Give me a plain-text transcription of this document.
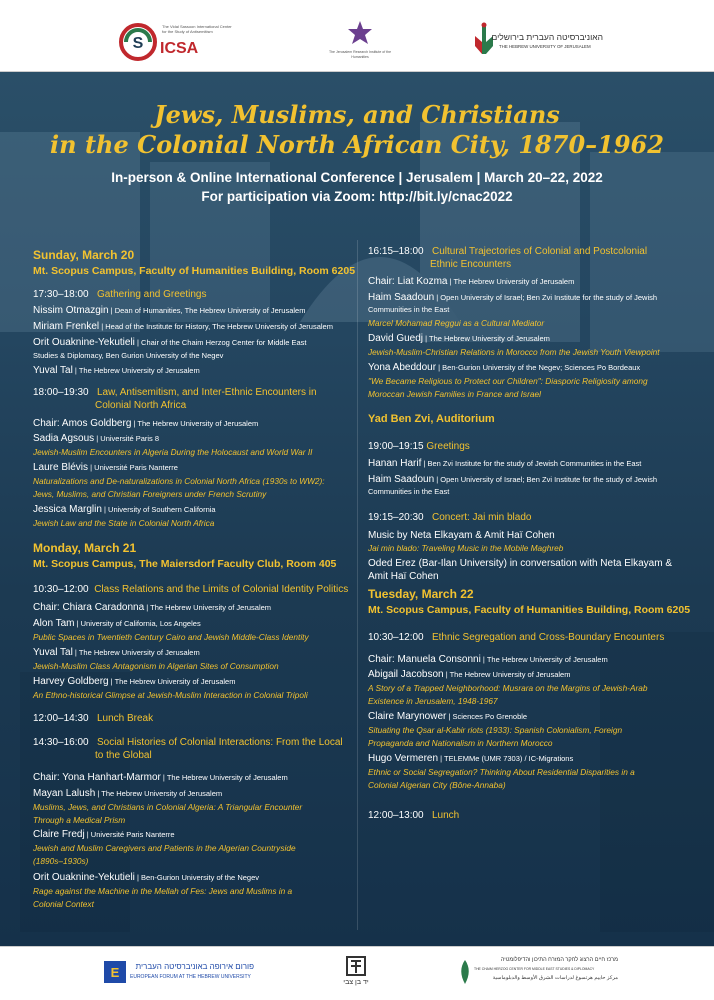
S
The Vidal Sassoon International Center for the Study of Antisemitism
ICSA	The Jerusalem Research Institute of the Humanities
האוניברסיטה העברית בירושלים
THE HEBREW UNIVERSITY OF JERUSALEM
Jews, Muslims, and Christians
in the Colonial North African City, 1870–1962
In-person & Online International Conference | Jerusalem | March 20–22, 2022
For participation via Zoom: http://bit.ly/cnac2022
Sunday, March 20
Mt. Scopus Campus, Faculty of Humanities Building, Room 6205
17:30–18:00 Gathering and Greetings
Nissim Otmazgin | Dean of Humanities, The Hebrew University of Jerusalem
Miriam Frenkel | Head of the Institute for History, The Hebrew University of Jerusalem
Orit Ouaknine-Yekutieli | Chair of the Chaim Herzog Center for Middle East
Studies & Diplomacy, Ben Gurion University of the Negev
Yuval Tal | The Hebrew University of Jerusalem
18:00–19:30 Law, Antisemitism, and Inter-Ethnic Encounters in
Colonial North Africa
Chair: Amos Goldberg | The Hebrew University of Jerusalem
Sadia Agsous | Université Paris 8
Jewish-Muslim Encounters in Algeria During the Holocaust and World War II
Laure Blévis | Université Paris Nanterre
Naturalizations and De-naturalizations in Colonial North Africa (1930s to WW2):
Jews, Muslims, and Christian Foreigners under French Scrutiny
Jessica Marglin | University of Southern California
Jewish Law and the State in Colonial North Africa
Monday, March 21
Mt. Scopus Campus, The Maiersdorf Faculty Club, Room 405
10:30–12:00 Class Relations and the Limits of Colonial Identity Politics
Chair: Chiara Caradonna | The Hebrew University of Jerusalem
Alon Tam | University of California, Los Angeles
Public Spaces in Twentieth Century Cairo and Jewish Middle-Class Identity
Yuval Tal | The Hebrew University of Jerusalem
Jewish-Muslim Class Antagonism in Algerian Sites of Consumption
Harvey Goldberg | The Hebrew University of Jerusalem
An Ethno-historical Glimpse at Jewish-Muslim Interaction in Colonial Tripoli
12:00–14:30 Lunch Break
14:30–16:00 Social Histories of Colonial Interactions: From the Local
to the Global
Chair: Yona Hanhart-Marmor | The Hebrew University of Jerusalem
Mayan Lalush | The Hebrew University of Jerusalem
Muslims, Jews, and Christians in Colonial Algeria: A Triangular Encounter
Through a Medical Prism
Claire Fredj | Université Paris Nanterre
Jewish and Muslim Caregivers and Patients in the Algerian Countryside
(1890s–1930s)
Orit Ouaknine-Yekutieli | Ben-Gurion University of the Negev
Rage against the Machine in the Mellah of Fes: Jews and Muslims in a
Colonial Context
16:15–18:00 Cultural Trajectories of Colonial and Postcolonial
Ethnic Encounters
Chair: Liat Kozma | The Hebrew University of Jerusalem
Haim Saadoun | Open University of Israel; Ben Zvi Institute for the study of Jewish
Communities in the East
Marcel Mohamad Reggui as a Cultural Mediator
David Guedj | The Hebrew University of Jerusalem
Jewish-Muslim-Christian Relations in Morocco from the Jewish Youth Viewpoint
Yona Abeddour | Ben-Gurion University of the Negev; Sciences Po Bordeaux
"We Became Religious to Protect our Children": Diasporic Religiosity among
Moroccan Jewish Families in France and Israel
Yad Ben Zvi, Auditorium
19:00–19:15 Greetings
Hanan Harif | Ben Zvi Institute for the study of Jewish Communities in the East
Haim Saadoun | Open University of Israel; Ben Zvi Institute for the study of Jewish
Communities in the East
19:15–20:30 Concert: Jai min blado
Music by Neta Elkayam & Amit Haï Cohen
Jai min blado: Traveling Music in the Mobile Maghreb
Oded Erez (Bar-Ilan University) in conversation with Neta Elkayam &
Amit Haï Cohen
Tuesday, March 22
Mt. Scopus Campus, Faculty of Humanities Building, Room 6205
10:30–12:00 Ethnic Segregation and Cross-Boundary Encounters
Chair: Manuela Consonni | The Hebrew University of Jerusalem
Abigail Jacobson | The Hebrew University of Jerusalem
A Story of a Trapped Neighborhood: Musrara on the Margins of Jewish-Arab
Existence in Jerusalem, 1948-1967
Claire Marynower | Sciences Po Grenoble
Situating the Qsar al-Kabir riots (1933): Spanish Colonialism, Foreign
Propaganda and Nationalism in Northern Morocco
Hugo Vermeren | TELEMMe (UMR 7303) / IC-Migrations
Ethnic or Social Segregation? Thinking About Residential Disparities in a
Colonial Algerian City (Bône-Annaba)
12:00–13:00 Lunch
E	פורום אירופה באוניברסיטה העברית
EUROPEAN FORUM AT THE HEBREW UNIVERSITY
יד בן צבי
מרכז חיים הרצוג לחקר המזרח התיכון והדיפלומטיה
THE CHAIM HERZOG CENTER FOR MIDDLE EAST STUDIES & DIPLOMACY
مركز حاييم هرتسوغ لدراسات الشرق الأوسط والدبلوماسية
